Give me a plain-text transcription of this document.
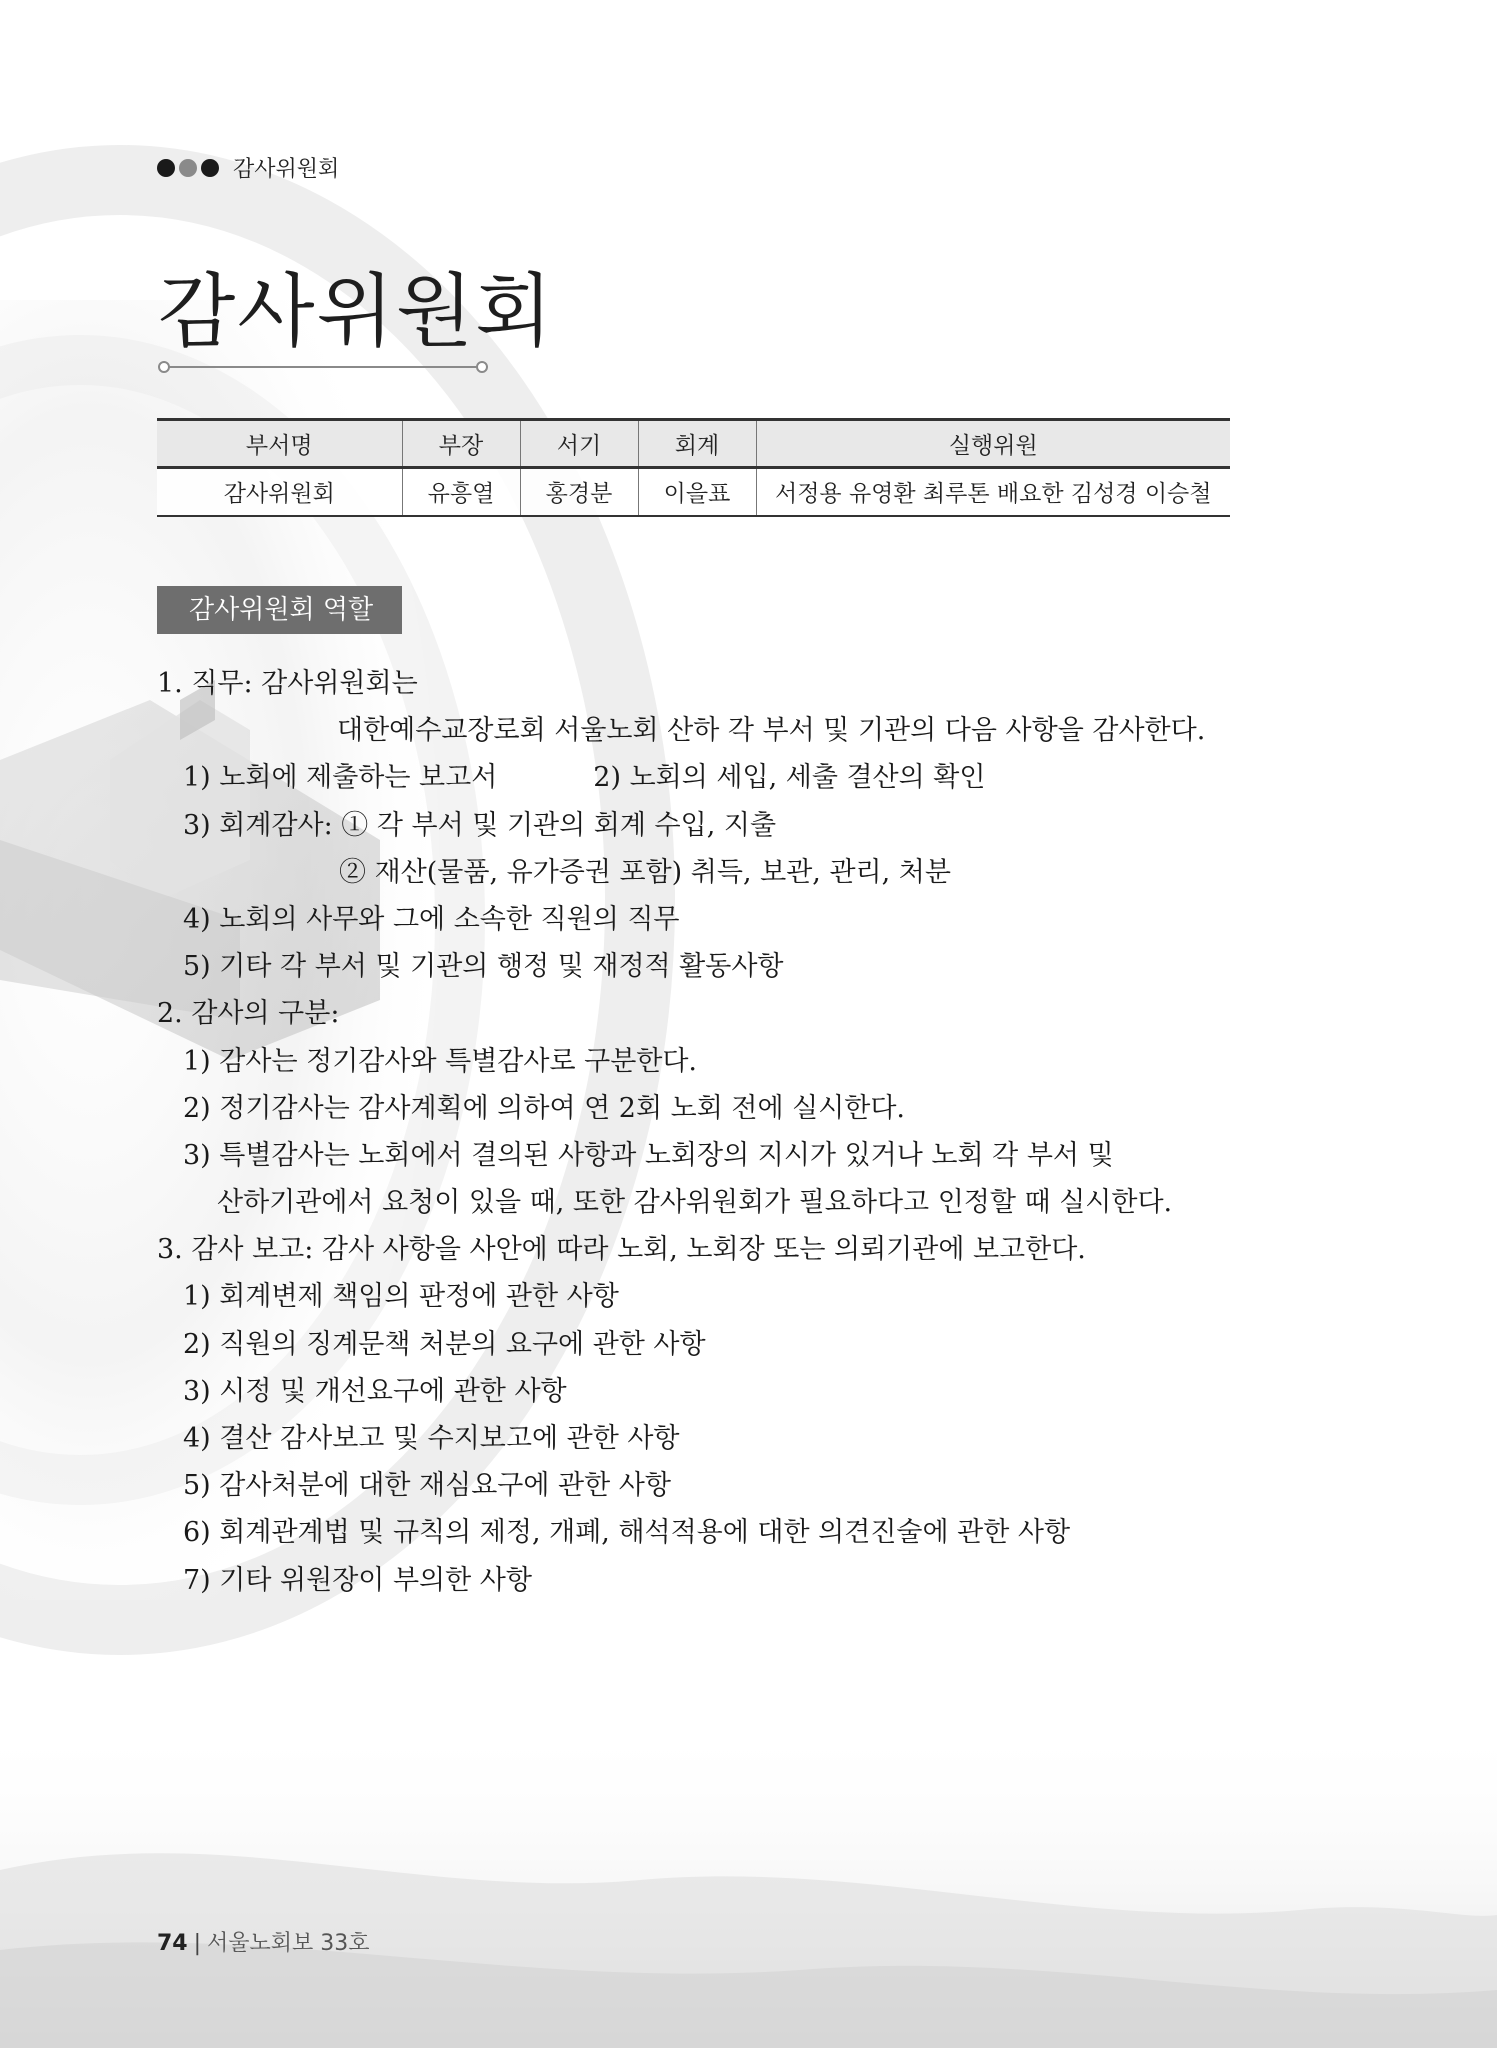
감사위원회
감사위원회
부서명	부장	서기	회계	실행위원
감사위원회	유흥열	홍경분	이을표	서정용 유영환 최루톤 배요한 김성경 이승철
감사위원회 역할
1. 직무: 감사위원회는
대한예수교장로회 서울노회 산하 각 부서 및 기관의 다음 사항을 감사한다.
1) 노회에 제출하는 보고서	2) 노회의 세입, 세출 결산의 확인
3) 회계감사: ① 각 부서 및 기관의 회계 수입, 지출
② 재산(물품, 유가증권 포함) 취득, 보관, 관리, 처분
4) 노회의 사무와 그에 소속한 직원의 직무
5) 기타 각 부서 및 기관의 행정 및 재정적 활동사항
2. 감사의 구분:
1) 감사는 정기감사와 특별감사로 구분한다.
2) 정기감사는 감사계획에 의하여 연 2회 노회 전에 실시한다.
3) 특별감사는 노회에서 결의된 사항과 노회장의 지시가 있거나 노회 각 부서 및
산하기관에서 요청이 있을 때, 또한 감사위원회가 필요하다고 인정할 때 실시한다.
3. 감사 보고: 감사 사항을 사안에 따라 노회, 노회장 또는 의뢰기관에 보고한다.
1) 회계변제 책임의 판정에 관한 사항
2) 직원의 징계문책 처분의 요구에 관한 사항
3) 시정 및 개선요구에 관한 사항
4) 결산 감사보고 및 수지보고에 관한 사항
5) 감사처분에 대한 재심요구에 관한 사항
6) 회계관계법 및 규칙의 제정, 개폐, 해석적용에 대한 의견진술에 관한 사항
7) 기타 위원장이 부의한 사항
74 | 서울노회보 33호
